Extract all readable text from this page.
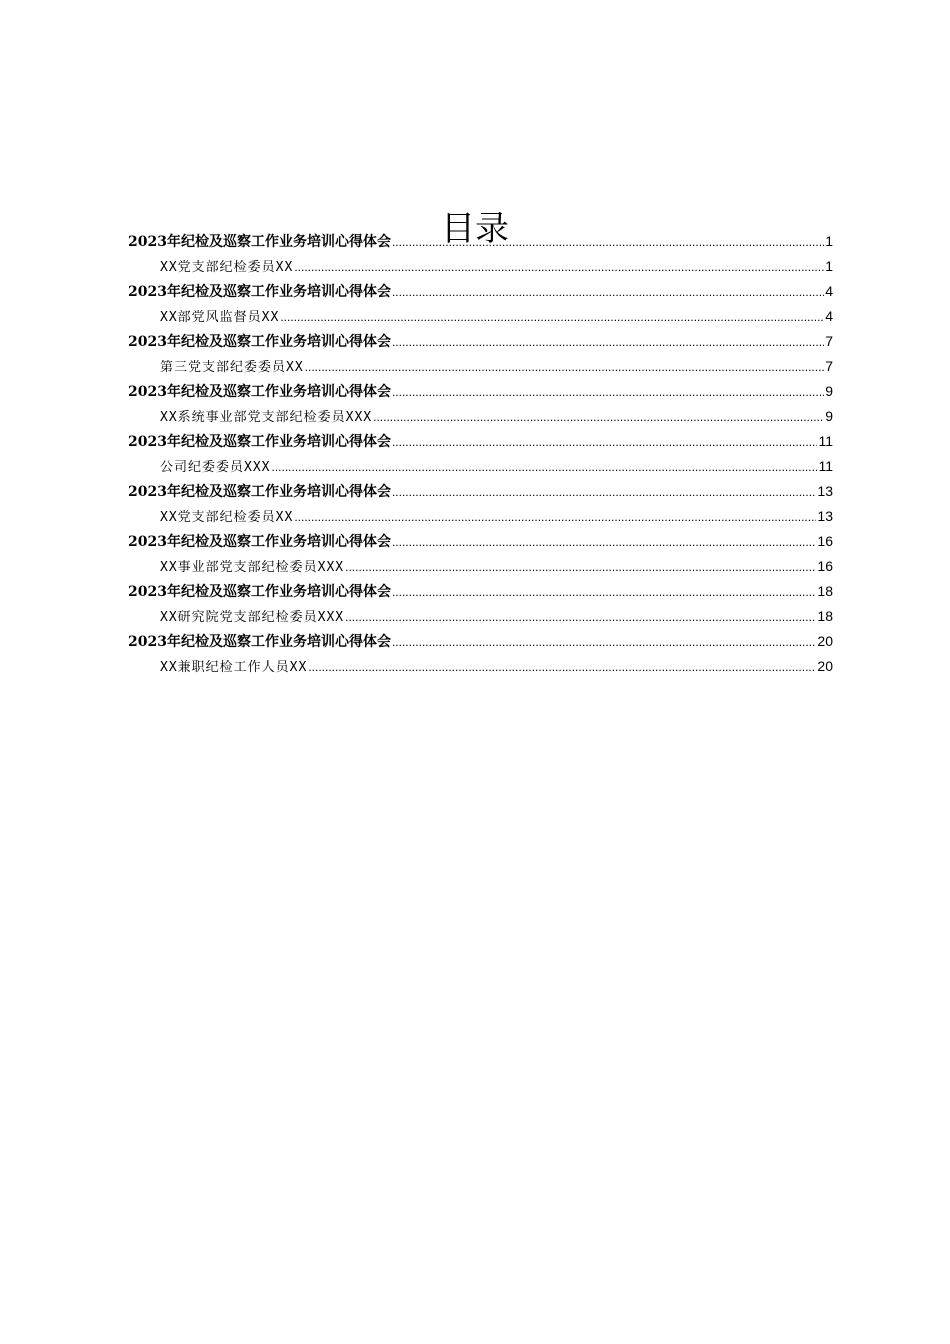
目录
2023年纪检及巡察工作业务培训心得体会 .....	1
XX党支部纪检委员XX .....	1
2023年纪检及巡察工作业务培训心得体会 .....	4
XX部党风监督员XX .....	4
2023年纪检及巡察工作业务培训心得体会 .....	7
第三党支部纪委委员XX .....	7
2023年纪检及巡察工作业务培训心得体会 .....	9
XX系统事业部党支部纪检委员XXX .....	9
2023年纪检及巡察工作业务培训心得体会 .....	11
公司纪委委员XXX .....	11
2023年纪检及巡察工作业务培训心得体会 .....	13
XX党支部纪检委员XX .....	13
2023年纪检及巡察工作业务培训心得体会 .....	16
XX事业部党支部纪检委员XXX .....	16
2023年纪检及巡察工作业务培训心得体会 .....	18
XX研究院党支部纪检委员XXX .....	18
2023年纪检及巡察工作业务培训心得体会 .....	20
XX兼职纪检工作人员XX .....	20
